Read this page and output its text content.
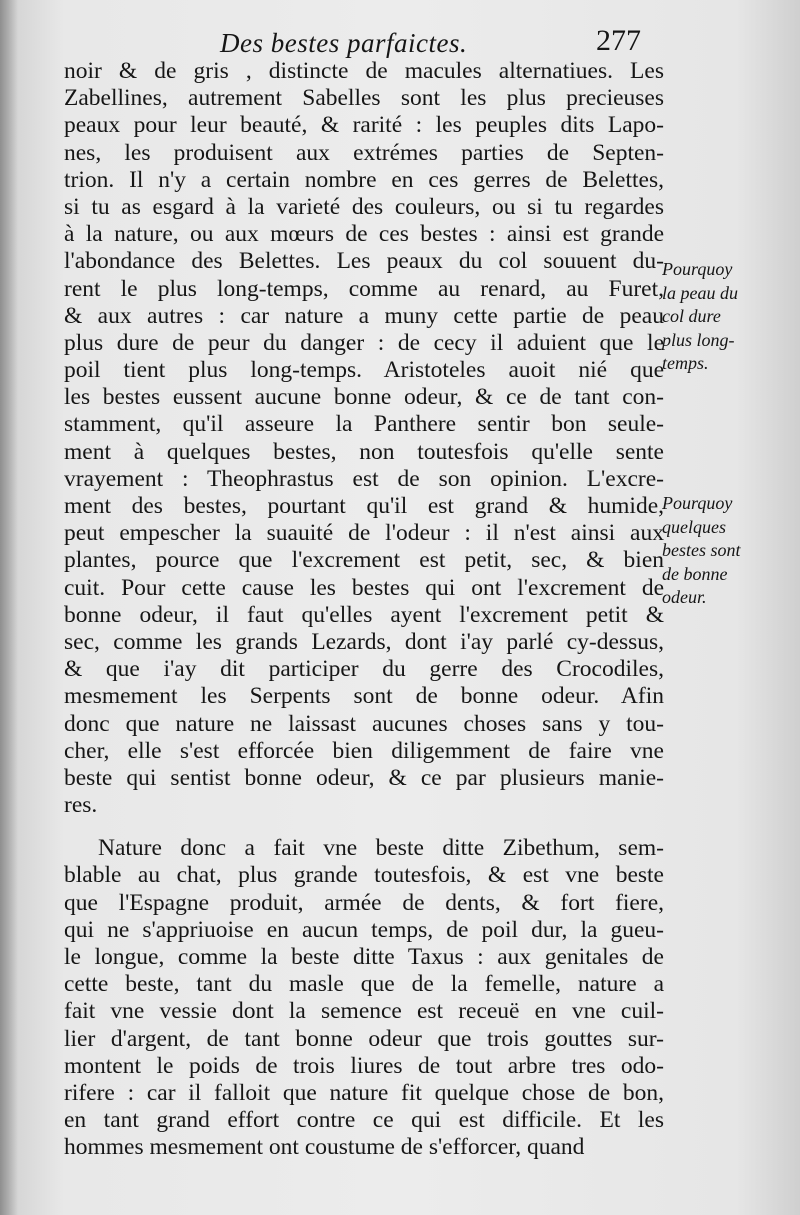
Des bestes parfaictes.	277
noir & de gris , distincte de macules alternatiues. Les
Zabellines, autrement Sabelles sont les plus precieuses
peaux pour leur beauté, & rarité : les peuples dits Lapo-
nes, les produisent aux extrémes parties de Septen-
trion. Il n'y a certain nombre en ces gerres de Belettes,
si tu as esgard à la varieté des couleurs, ou si tu regardes
à la nature, ou aux mœurs de ces bestes : ainsi est grande
l'abondance des Belettes. Les peaux du col souuent du-
rent le plus long-temps, comme au renard, au Furet,
& aux autres : car nature a muny cette partie de peau
plus dure de peur du danger : de cecy il aduient que le
poil tient plus long-temps. Aristoteles auoit nié que
les bestes eussent aucune bonne odeur, & ce de tant con-
stamment, qu'il asseure la Panthere sentir bon seule-
ment à quelques bestes, non toutesfois qu'elle sente
vrayement : Theophrastus est de son opinion. L'excre-
ment des bestes, pourtant qu'il est grand & humide,
peut empescher la suauité de l'odeur : il n'est ainsi aux
plantes, pource que l'excrement est petit, sec, & bien
cuit. Pour cette cause les bestes qui ont l'excrement de
bonne odeur, il faut qu'elles ayent l'excrement petit &
sec, comme les grands Lezards, dont i'ay parlé cy-dessus,
& que i'ay dit participer du gerre des Crocodiles,
mesmement les Serpents sont de bonne odeur. Afin
donc que nature ne laissast aucunes choses sans y tou-
cher, elle s'est efforcée bien diligemment de faire vne
beste qui sentist bonne odeur, & ce par plusieurs manie-
res.
Nature donc a fait vne beste ditte Zibethum, sem-
blable au chat, plus grande toutesfois, & est vne beste
que l'Espagne produit, armée de dents, & fort fiere,
qui ne s'appriuoise en aucun temps, de poil dur, la gueu-
le longue, comme la beste ditte Taxus : aux genitales de
cette beste, tant du masle que de la femelle, nature a
fait vne vessie dont la semence est receuë en vne cuil-
lier d'argent, de tant bonne odeur que trois gouttes sur-
montent le poids de trois liures de tout arbre tres odo-
rifere : car il falloit que nature fit quelque chose de bon,
en tant grand effort contre ce qui est difficile. Et les
hommes mesmement ont coustume de s'efforcer, quand
Pourquoy
la peau du
col dure
plus long-
temps.
Pourquoy
quelques
bestes sont
de bonne
odeur.
